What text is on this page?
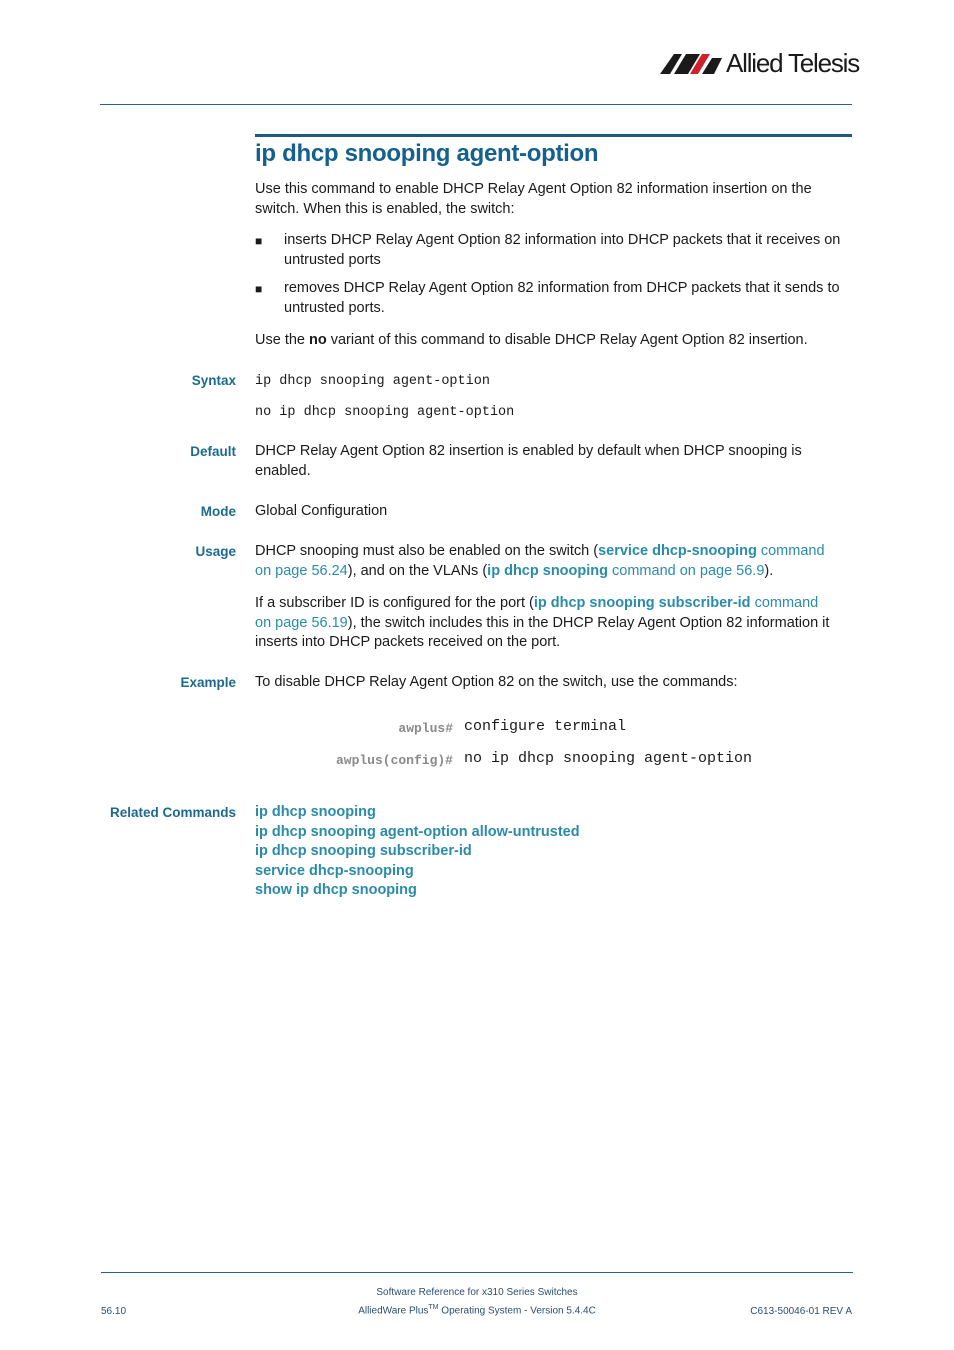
Allied Telesis
ip dhcp snooping agent-option
Use this command to enable DHCP Relay Agent Option 82 information insertion on the switch. When this is enabled, the switch:
■ inserts DHCP Relay Agent Option 82 information into DHCP packets that it receives on
untrusted ports
■ removes DHCP Relay Agent Option 82 information from DHCP packets that it sends to
untrusted ports.
Use the no variant of this command to disable DHCP Relay Agent Option 82 insertion.
Syntax ip dhcp snooping agent-option
no ip dhcp snooping agent-option
Default DHCP Relay Agent Option 82 insertion is enabled by default when DHCP snooping is enabled.
Mode Global Configuration
Usage DHCP snooping must also be enabled on the switch (service dhcp-snooping command
on page 56.24), and on the VLANs (ip dhcp snooping command on page 56.9).
If a subscriber ID is configured for the port (ip dhcp snooping subscriber-id command
on page 56.19), the switch includes this in the DHCP Relay Agent Option 82 information it
inserts into DHCP packets received on the port.
Example To disable DHCP Relay Agent Option 82 on the switch, use the commands:
awplus# configure terminal
awplus(config)# no ip dhcp snooping agent-option
Related Commands ip dhcp snooping
ip dhcp snooping agent-option allow-untrusted
ip dhcp snooping subscriber-id
service dhcp-snooping
show ip dhcp snooping
Software Reference for x310 Series Switches
AlliedWare Plus™ Operating System - Version 5.4.4C
56.10	C613-50046-01 REV A
